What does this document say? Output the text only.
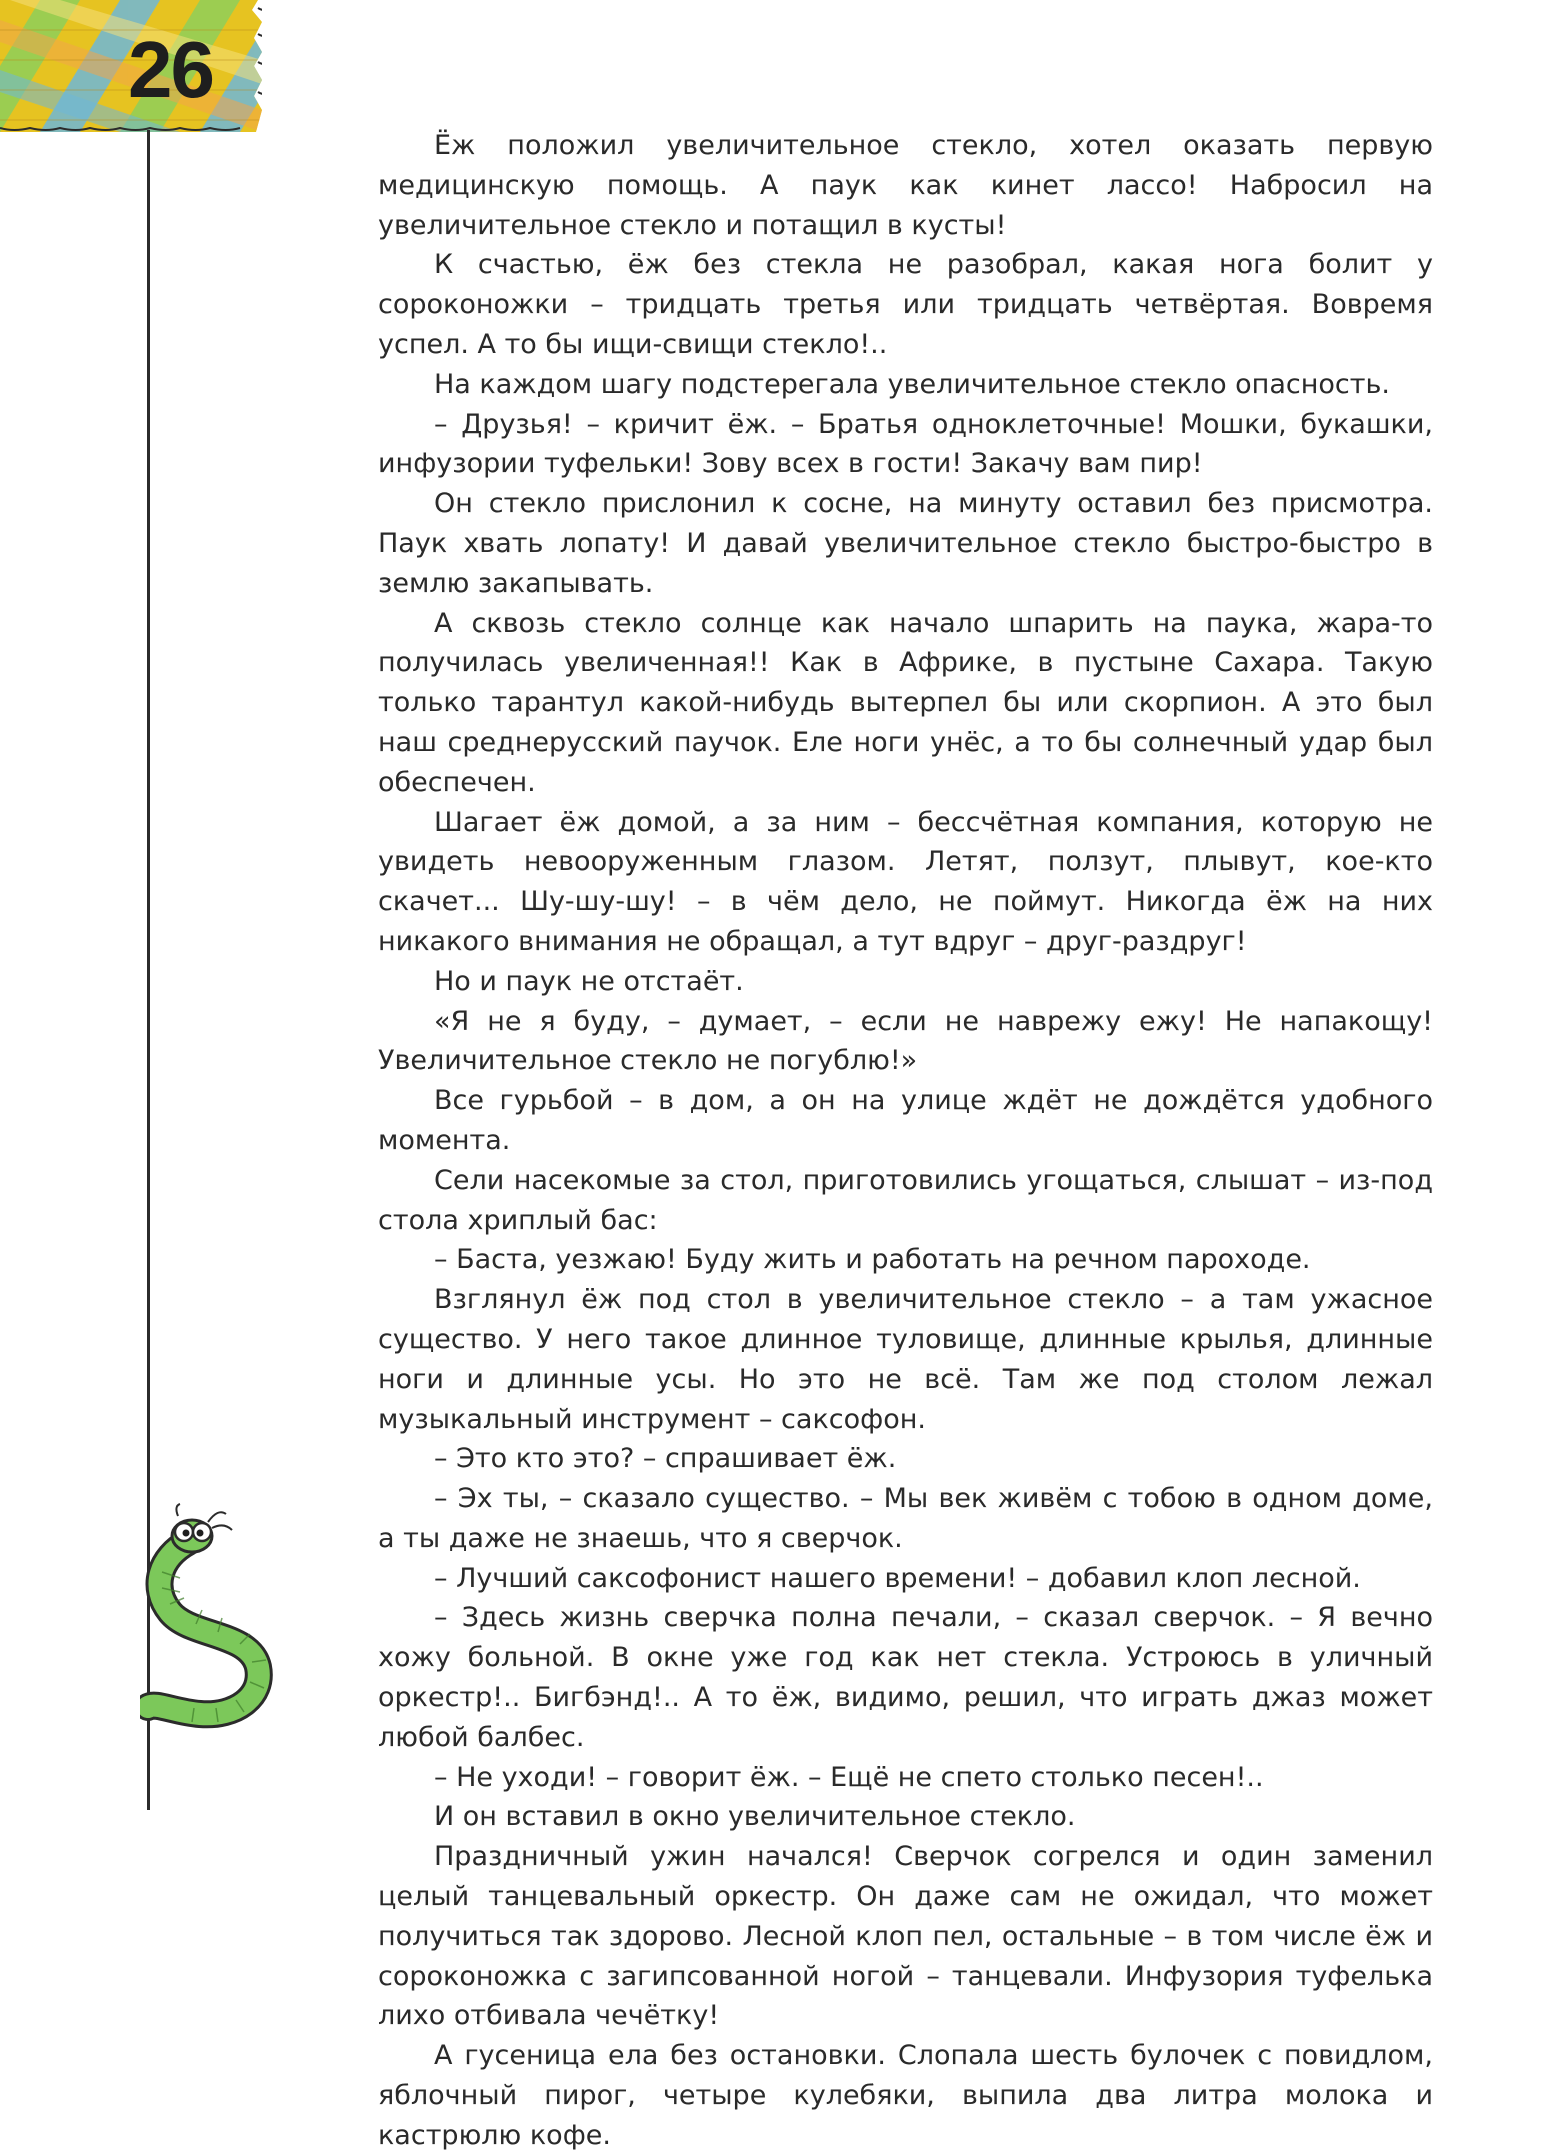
26

Ёж положил увеличительное стекло, хотел оказать первую медицинскую помощь. А паук как кинет лассо! Набросил на увеличительное стекло и потащил в кусты!

К счастью, ёж без стекла не разобрал, какая нога болит у сороконожки – тридцать третья или тридцать четвёртая. Вовремя успел. А то бы ищи-свищи стекло!..

На каждом шагу подстерегала увеличительное стекло опасность.

– Друзья! – кричит ёж. – Братья одноклеточные! Мошки, букашки, инфузории туфельки! Зову всех в гости! Закачу вам пир!

Он стекло прислонил к сосне, на минуту оставил без присмотра. Паук хвать лопату! И давай увеличительное стекло быстро-быстро в землю закапывать.

А сквозь стекло солнце как начало шпарить на паука, жара-то получилась увеличенная!! Как в Африке, в пустыне Сахара. Такую только тарантул какой-нибудь вытерпел бы или скорпион. А это был наш среднерусский паучок. Еле ноги унёс, а то бы солнечный удар был обеспечен.

Шагает ёж домой, а за ним – бессчётная компания, которую не увидеть невооруженным глазом. Летят, ползут, плывут, кое-кто скачет... Шу-шу-шу! – в чём дело, не поймут. Никогда ёж на них никакого внимания не обращал, а тут вдруг – друг-раздруг!

Но и паук не отстаёт.

«Я не я буду, – думает, – если не наврежу ежу! Не напакощу! Увеличительное стекло не погублю!»

Все гурьбой – в дом, а он на улице ждёт не дождётся удобного момента.

Сели насекомые за стол, приготовились угощаться, слышат – из-под стола хриплый бас:

– Баста, уезжаю! Буду жить и работать на речном пароходе.

Взглянул ёж под стол в увеличительное стекло – а там ужасное существо. У него такое длинное туловище, длинные крылья, длинные ноги и длинные усы. Но это не всё. Там же под столом лежал музыкальный инструмент – саксофон.

– Это кто это? – спрашивает ёж.

– Эх ты, – сказало существо. – Мы век живём с тобою в одном доме, а ты даже не знаешь, что я сверчок.

– Лучший саксофонист нашего времени! – добавил клоп лесной.

– Здесь жизнь сверчка полна печали, – сказал сверчок. – Я вечно хожу больной. В окне уже год как нет стекла. Устроюсь в уличный оркестр!.. Бигбэнд!.. А то ёж, видимо, решил, что играть джаз может любой балбес.

– Не уходи! – говорит ёж. – Ещё не спето столько песен!..

И он вставил в окно увеличительное стекло.

Праздничный ужин начался! Сверчок согрелся и один заменил целый танцевальный оркестр. Он даже сам не ожидал, что может получиться так здорово. Лесной клоп пел, остальные – в том числе ёж и сороконожка с загипсованной ногой – танцевали. Инфузория туфелька лихо отбивала чечётку!

А гусеница ела без остановки. Слопала шесть булочек с повидлом, яблочный пирог, четыре кулебяки, выпила два литра молока и кастрюлю кофе.
